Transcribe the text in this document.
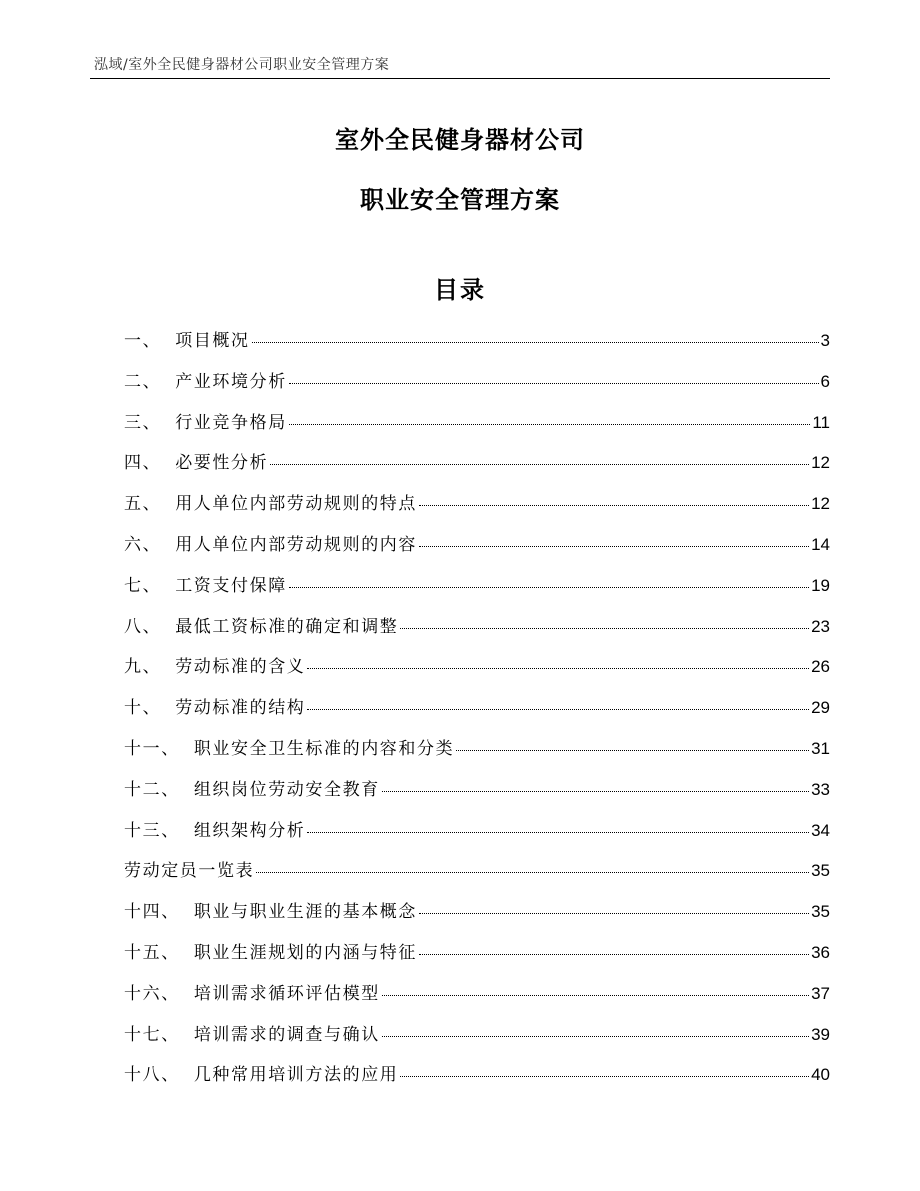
泓域/室外全民健身器材公司职业安全管理方案
室外全民健身器材公司
职业安全管理方案
目录
一、 项目概况	3
二、 产业环境分析	6
三、 行业竞争格局	11
四、 必要性分析	12
五、 用人单位内部劳动规则的特点	12
六、 用人单位内部劳动规则的内容	14
七、 工资支付保障	19
八、 最低工资标准的确定和调整	23
九、 劳动标准的含义	26
十、 劳动标准的结构	29
十一、 职业安全卫生标准的内容和分类	31
十二、 组织岗位劳动安全教育	33
十三、 组织架构分析	34
劳动定员一览表	35
十四、 职业与职业生涯的基本概念	35
十五、 职业生涯规划的内涵与特征	36
十六、 培训需求循环评估模型	37
十七、 培训需求的调查与确认	39
十八、 几种常用培训方法的应用	40
